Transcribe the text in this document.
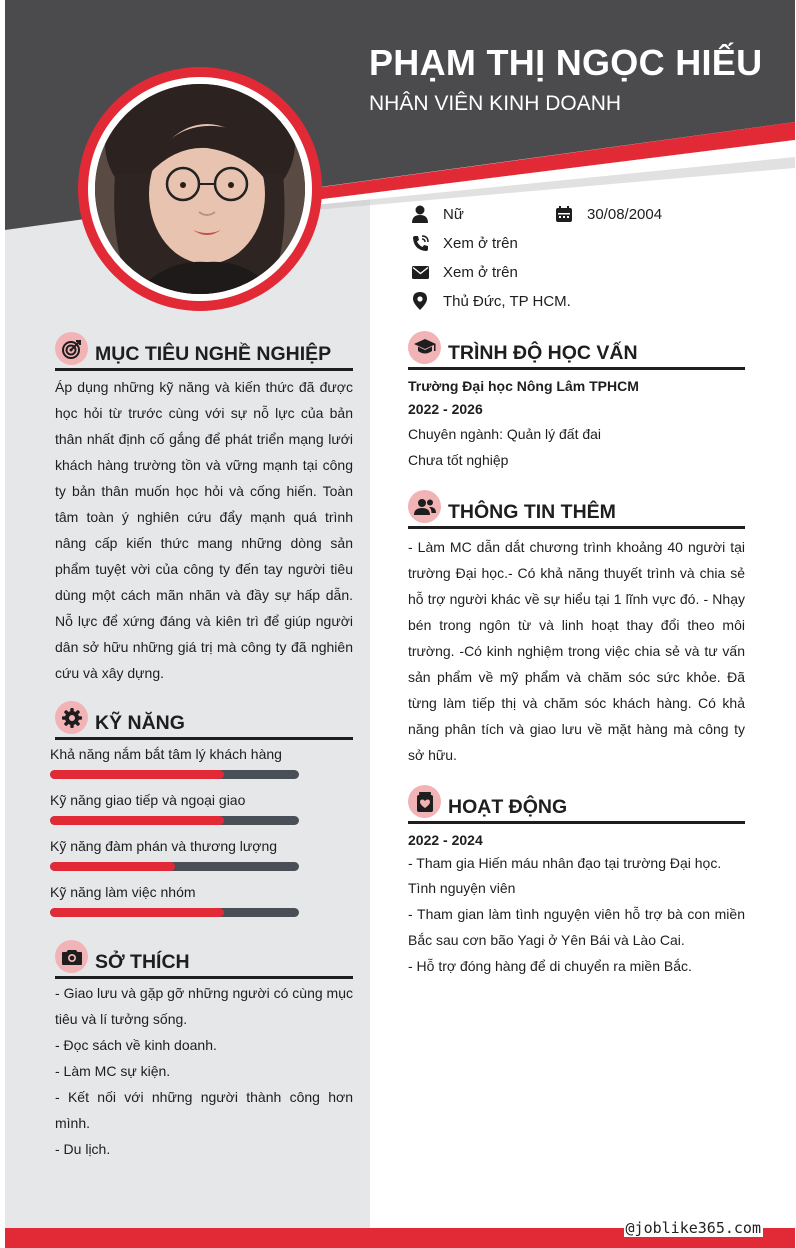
PHẠM THỊ NGỌC HIẾU
NHÂN VIÊN KINH DOANH
Nữ	30/08/2004
Xem ở trên
Xem ở trên
Thủ Đức, TP HCM.
MỤC TIÊU NGHỀ NGHIỆP
Áp dụng những kỹ năng và kiến thức đã được học hỏi từ trước cùng với sự nỗ lực của bản thân nhất định cố gắng để phát triển mạng lưới khách hàng trường tồn và vững mạnh tại công ty bản thân muốn học hỏi và cống hiến. Toàn tâm toàn ý nghiên cứu đẩy mạnh quá trình nâng cấp kiến thức mang những dòng sản phẩm tuyệt vời của công ty đến tay người tiêu dùng một cách mãn nhãn và đầy sự hấp dẫn. Nỗ lực để xứng đáng và kiên trì để giúp người dân sở hữu những giá trị mà công ty đã nghiên cứu và xây dựng.
KỸ NĂNG
Khả năng nắm bắt tâm lý khách hàng
Kỹ năng giao tiếp và ngoại giao
Kỹ năng đàm phán và thương lượng
Kỹ năng làm việc nhóm
SỞ THÍCH
- Giao lưu và gặp gỡ những người có cùng mục tiêu và lí tưởng sống.
- Đọc sách về kinh doanh.
- Làm MC sự kiện.
- Kết nối với những người thành công hơn mình.
- Du lịch.
TRÌNH ĐỘ HỌC VẤN
Trường Đại học Nông Lâm TPHCM
2022 - 2026
Chuyên ngành: Quản lý đất đai
Chưa tốt nghiệp
THÔNG TIN THÊM
- Làm MC dẫn dắt chương trình khoảng 40 người tại trường Đại học.- Có khả năng thuyết trình và chia sẻ hỗ trợ người khác về sự hiểu tại 1 lĩnh vực đó. - Nhạy bén trong ngôn từ và linh hoạt thay đổi theo môi trường. -Có kinh nghiệm trong việc chia sẻ và tư vấn sản phẩm về mỹ phẩm và chăm sóc sức khỏe. Đã từng làm tiếp thị và chăm sóc khách hàng. Có khả năng phân tích và giao lưu về mặt hàng mà công ty sở hữu.
HOẠT ĐỘNG
2022 - 2024
- Tham gia Hiến máu nhân đạo tại trường Đại học.
Tình nguyện viên
- Tham gian làm tình nguyện viên hỗ trợ bà con miền Bắc sau cơn bão Yagi ở Yên Bái và Lào Cai.
- Hỗ trợ đóng hàng để di chuyển ra miền Bắc.
@joblike365.com
